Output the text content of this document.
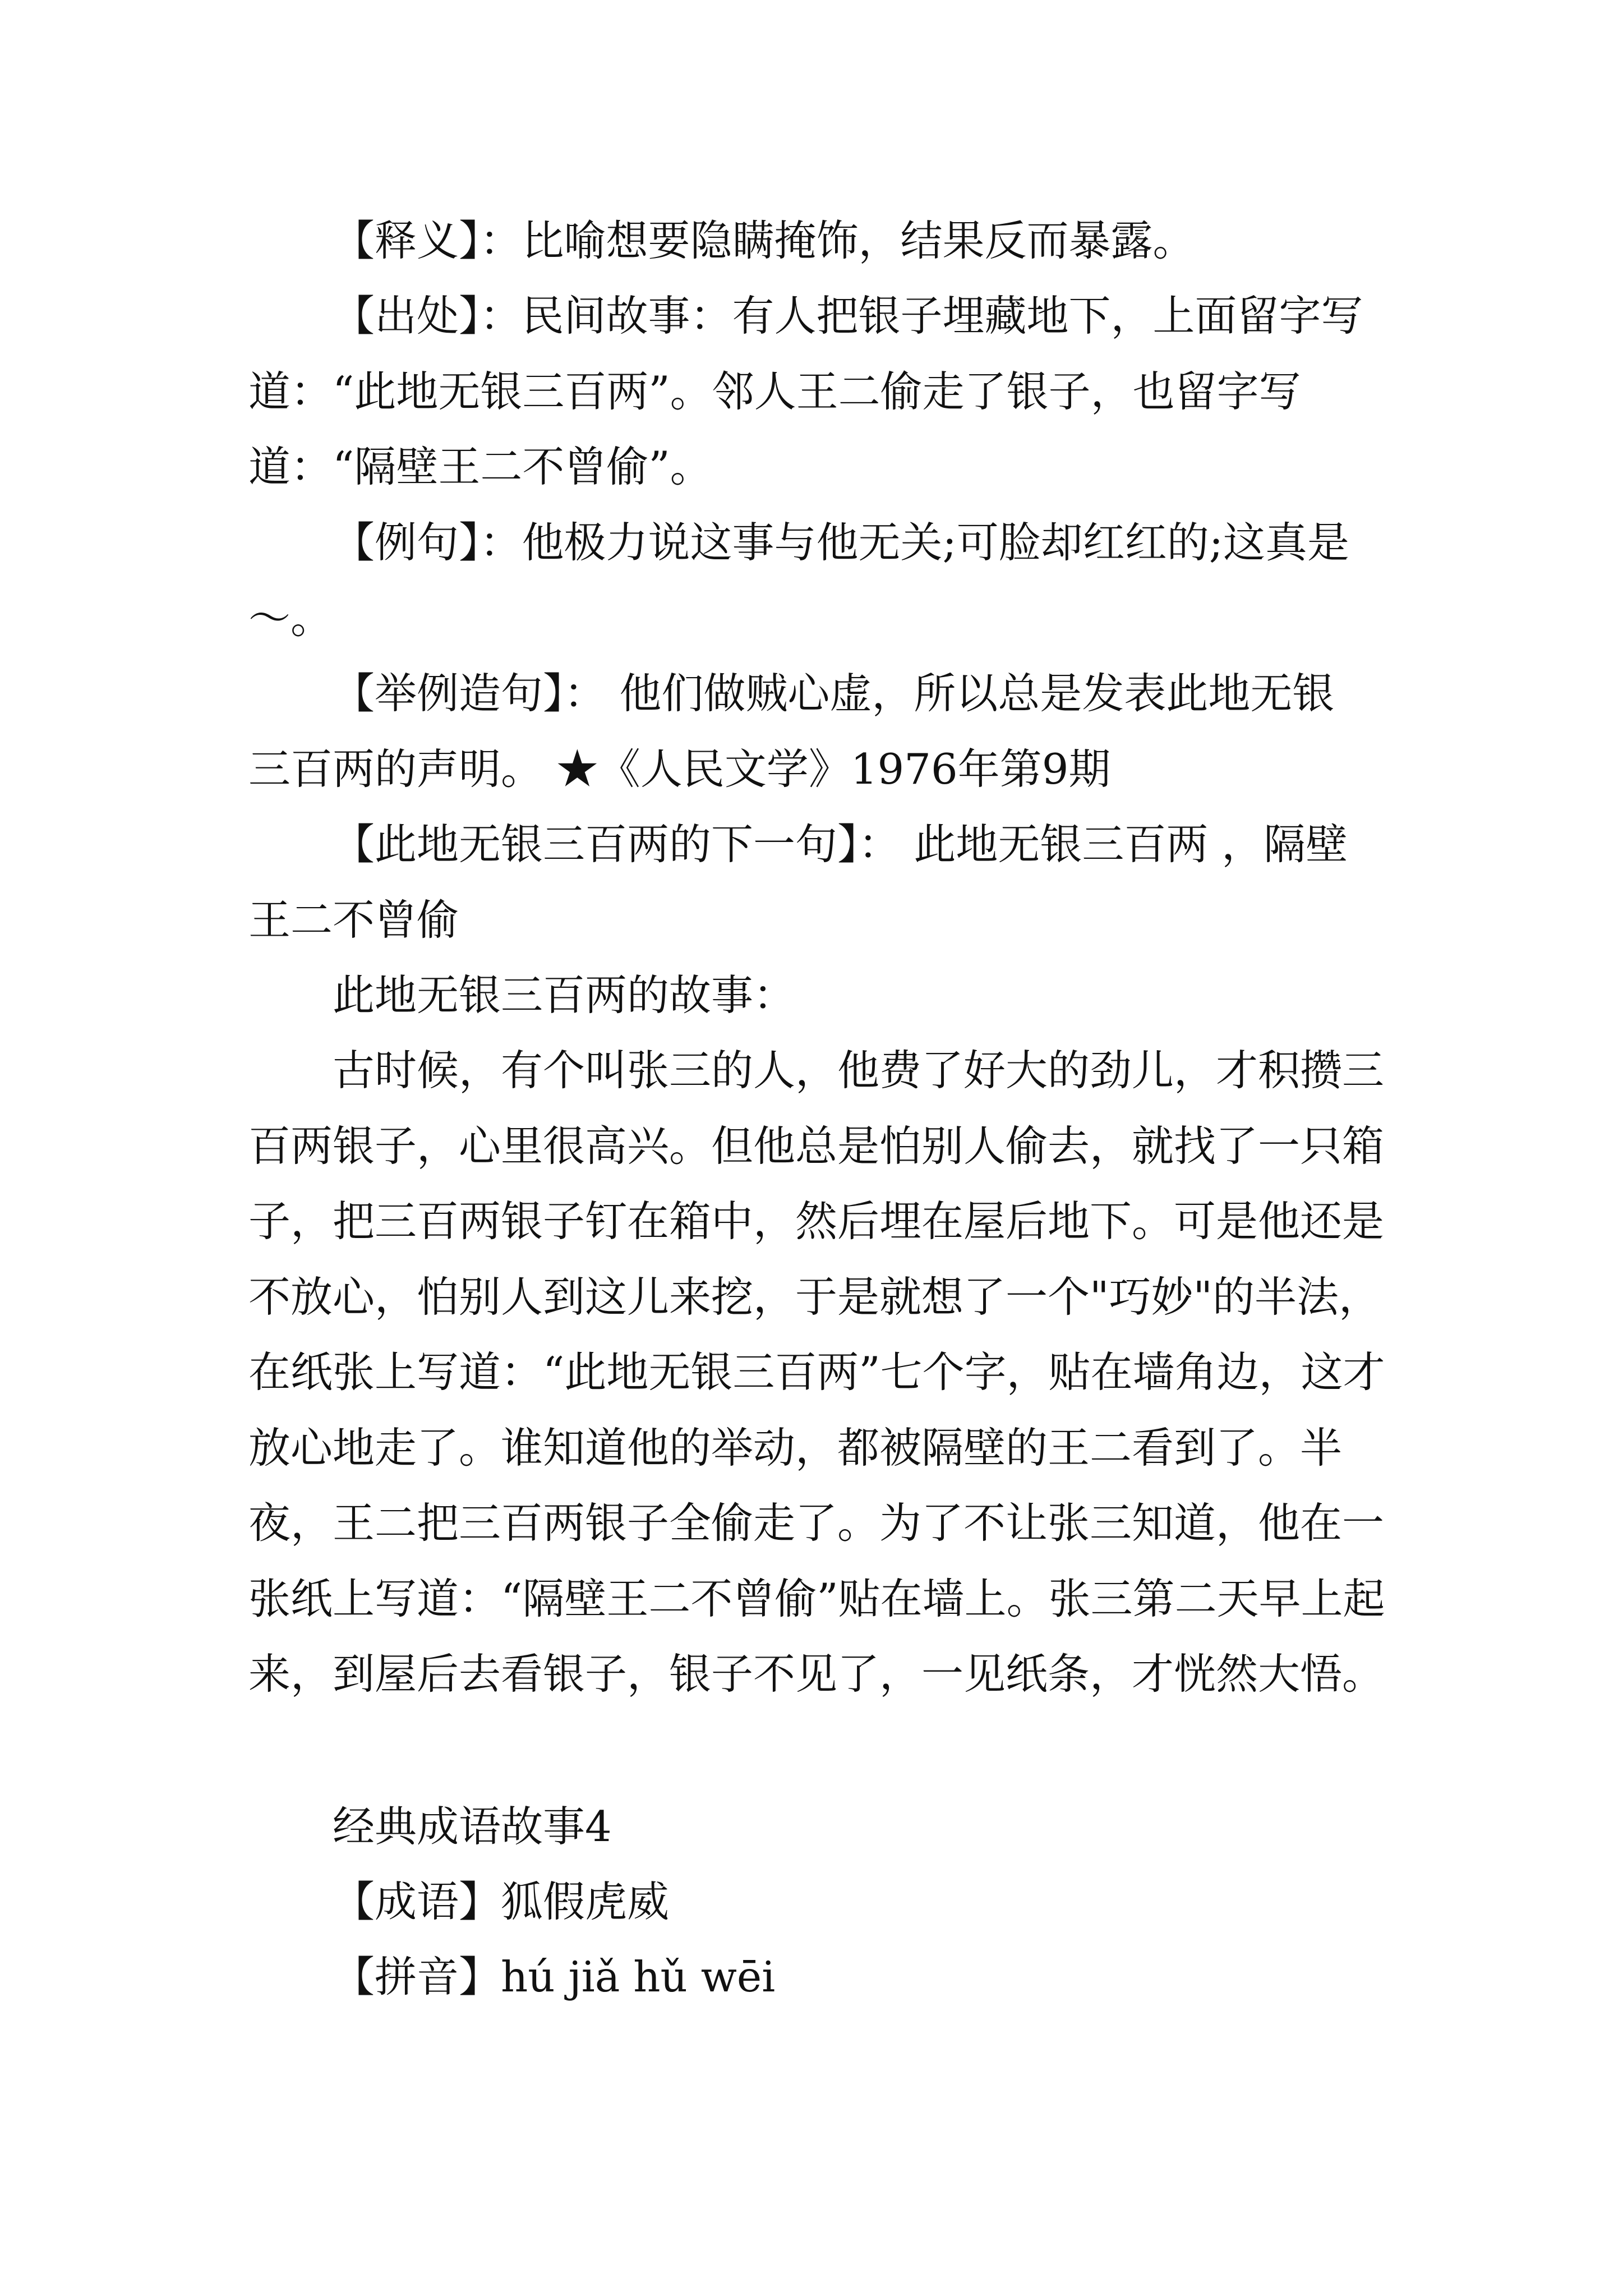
【释义】：比喻想要隐瞒掩饰，结果反而暴露。

【出处】：民间故事：有人把银子埋藏地下，上面留字写道：“此地无银三百两”。邻人王二偷走了银子，也留字写道：“隔壁王二不曾偷”。

【例句】：他极力说这事与他无关;可脸却红红的;这真是～。

【举例造句】： 他们做贼心虚，所以总是发表此地无银三百两的声明。 ★《人民文学》1976年第9期

【此地无银三百两的下一句】： 此地无银三百两 ，隔壁王二不曾偷

此地无银三百两的故事：

古时候，有个叫张三的人，他费了好大的劲儿，才积攒三百两银子，心里很高兴。但他总是怕别人偷去，就找了一只箱子，把三百两银子钉在箱中，然后埋在屋后地下。可是他还是不放心，怕别人到这儿来挖，于是就想了一个"巧妙"的半法，在纸张上写道：“此地无银三百两”七个字，贴在墙角边，这才放心地走了。谁知道他的举动，都被隔壁的王二看到了。半夜，王二把三百两银子全偷走了。为了不让张三知道，他在一张纸上写道：“隔壁王二不曾偷”贴在墙上。张三第二天早上起来，到屋后去看银子，银子不见了，一见纸条，才恍然大悟。

经典成语故事4

【成语】狐假虎威

【拼音】hú jiǎ hǔ wēi
